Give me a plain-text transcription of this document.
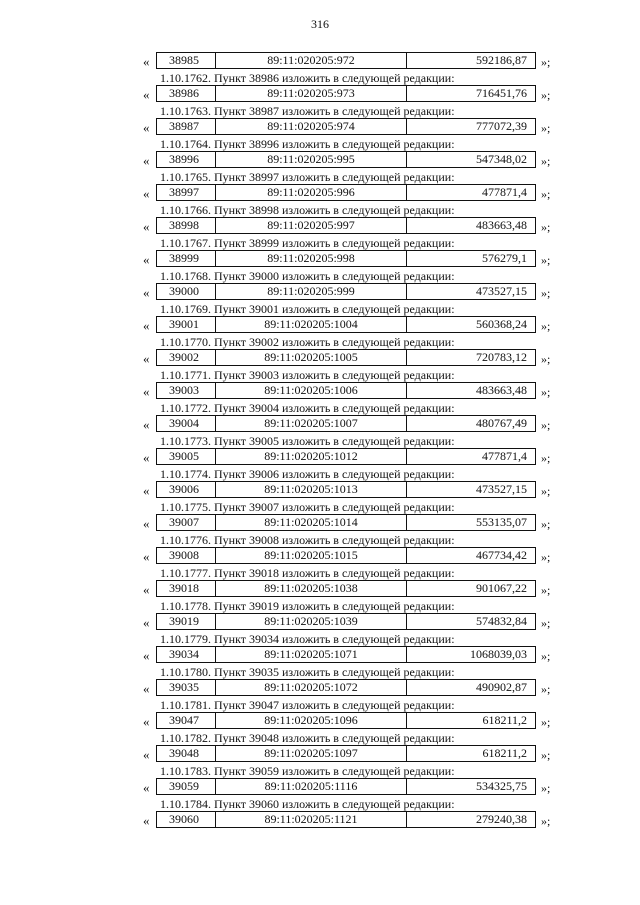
316
«	38985	89:11:020205:972	592186,87	»;
1.10.1762. Пункт 38986 изложить в следующей редакции:
«	38986	89:11:020205:973	716451,76	»;
1.10.1763. Пункт 38987 изложить в следующей редакции:
«	38987	89:11:020205:974	777072,39	»;
1.10.1764. Пункт 38996 изложить в следующей редакции:
«	38996	89:11:020205:995	547348,02	»;
1.10.1765. Пункт 38997 изложить в следующей редакции:
«	38997	89:11:020205:996	477871,4	»;
1.10.1766. Пункт 38998 изложить в следующей редакции:
«	38998	89:11:020205:997	483663,48	»;
1.10.1767. Пункт 38999 изложить в следующей редакции:
«	38999	89:11:020205:998	576279,1	»;
1.10.1768. Пункт 39000 изложить в следующей редакции:
«	39000	89:11:020205:999	473527,15	»;
1.10.1769. Пункт 39001 изложить в следующей редакции:
«	39001	89:11:020205:1004	560368,24	»;
1.10.1770. Пункт 39002 изложить в следующей редакции:
«	39002	89:11:020205:1005	720783,12	»;
1.10.1771. Пункт 39003 изложить в следующей редакции:
«	39003	89:11:020205:1006	483663,48	»;
1.10.1772. Пункт 39004 изложить в следующей редакции:
«	39004	89:11:020205:1007	480767,49	»;
1.10.1773. Пункт 39005 изложить в следующей редакции:
«	39005	89:11:020205:1012	477871,4	»;
1.10.1774. Пункт 39006 изложить в следующей редакции:
«	39006	89:11:020205:1013	473527,15	»;
1.10.1775. Пункт 39007 изложить в следующей редакции:
«	39007	89:11:020205:1014	553135,07	»;
1.10.1776. Пункт 39008 изложить в следующей редакции:
«	39008	89:11:020205:1015	467734,42	»;
1.10.1777. Пункт 39018 изложить в следующей редакции:
«	39018	89:11:020205:1038	901067,22	»;
1.10.1778. Пункт 39019 изложить в следующей редакции:
«	39019	89:11:020205:1039	574832,84	»;
1.10.1779. Пункт 39034 изложить в следующей редакции:
«	39034	89:11:020205:1071	1068039,03	»;
1.10.1780. Пункт 39035 изложить в следующей редакции:
«	39035	89:11:020205:1072	490902,87	»;
1.10.1781. Пункт 39047 изложить в следующей редакции:
«	39047	89:11:020205:1096	618211,2	»;
1.10.1782. Пункт 39048 изложить в следующей редакции:
«	39048	89:11:020205:1097	618211,2	»;
1.10.1783. Пункт 39059 изложить в следующей редакции:
«	39059	89:11:020205:1116	534325,75	»;
1.10.1784. Пункт 39060 изложить в следующей редакции:
«	39060	89:11:020205:1121	279240,38	»;
